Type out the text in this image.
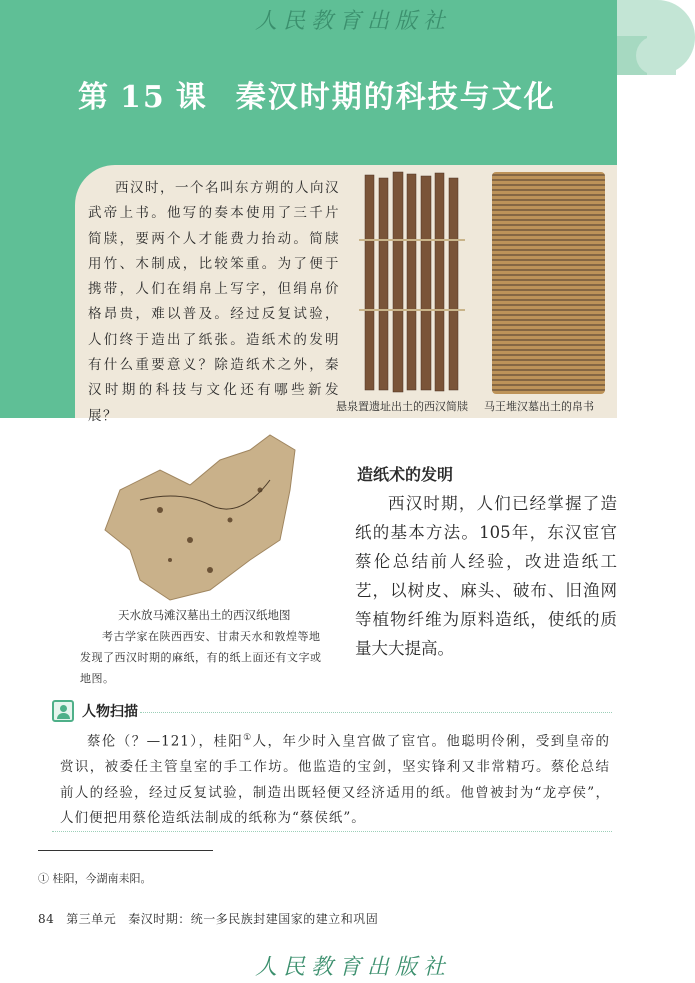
人民教育出版社
第 15 课 秦汉时期的科技与文化
西汉时，一个名叫东方朔的人向汉武帝上书。他写的奏本使用了三千片简牍，要两个人才能费力抬动。简牍用竹、木制成，比较笨重。为了便于携带，人们在绢帛上写字，但绢帛价格昂贵，难以普及。经过反复试验，人们终于造出了纸张。造纸术的发明有什么重要意义？除造纸术之外，秦汉时期的科技与文化还有哪些新发展？
悬泉置遗址出土的西汉简牍 马王堆汉墓出土的帛书
造纸术的发明
西汉时期，人们已经掌握了造纸的基本方法。105年，东汉宦官蔡伦总结前人经验，改进造纸工艺，以树皮、麻头、破布、旧渔网等植物纤维为原料造纸，使纸的质量大大提高。
天水放马滩汉墓出土的西汉纸地图
考古学家在陕西西安、甘肃天水和敦煌等地发现了西汉时期的麻纸，有的纸上面还有文字或地图。
人物扫描
蔡伦（？—121），桂阳①人，年少时入皇宫做了宦官。他聪明伶俐，受到皇帝的赏识，被委任主管皇室的手工作坊。他监造的宝剑，坚实锋利又非常精巧。蔡伦总结前人的经验，经过反复试验，制造出既轻便又经济适用的纸。他曾被封为“龙亭侯”，人们便把用蔡伦造纸法制成的纸称为“蔡侯纸”。
① 桂阳，今湖南耒阳。
84 第三单元 秦汉时期：统一多民族封建国家的建立和巩固
人民教育出版社
